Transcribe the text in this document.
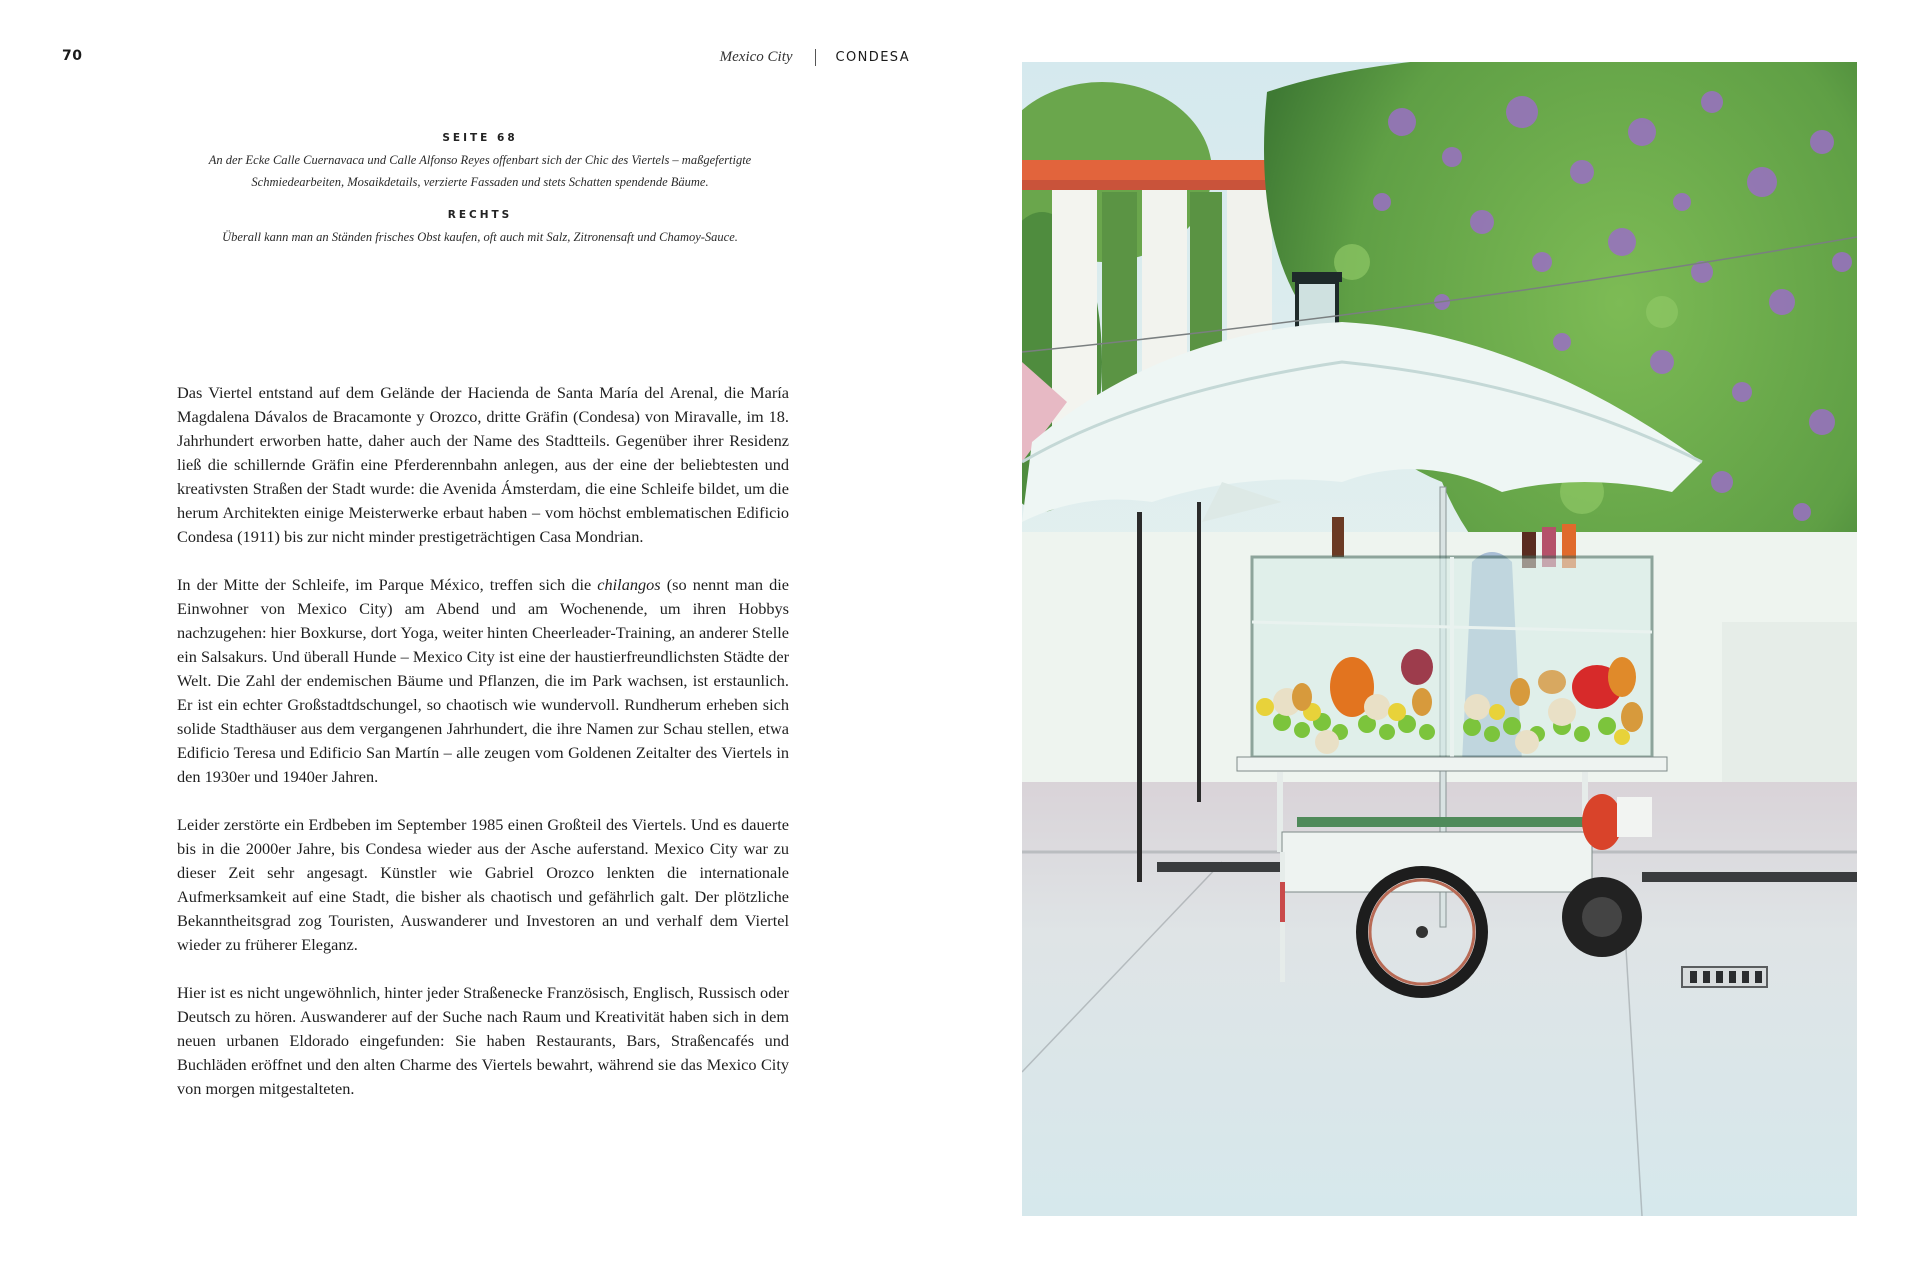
70	Mexico City	CONDESA
SEITE 68

An der Ecke Calle Cuernavaca und Calle Alfonso Reyes offenbart sich der Chic des Viertels – maßgefertigte Schmiedearbeiten, Mosaikdetails, verzierte Fassaden und stets Schatten spendende Bäume.

RECHTS

Überall kann man an Ständen frisches Obst kaufen, oft auch mit Salz, Zitronensaft und Chamoy-Sauce.

Das Viertel entstand auf dem Gelände der Hacienda de Santa María del Arenal, die María Magdalena Dávalos de Bracamonte y Orozco, dritte Gräfin (Condesa) von Miravalle, im 18. Jahrhundert erworben hatte, daher auch der Name des Stadtteils. Gegenüber ihrer Residenz ließ die schillernde Gräfin eine Pferderennbahn anlegen, aus der eine der beliebtesten und kreativsten Straßen der Stadt wurde: die Avenida Ámsterdam, die eine Schleife bildet, um die herum Architekten einige Meisterwerke erbaut haben – vom höchst emblematischen Edificio Condesa (1911) bis zur nicht minder prestigeträchtigen Casa Mondrian.

In der Mitte der Schleife, im Parque México, treffen sich die chilangos (so nennt man die Einwohner von Mexico City) am Abend und am Wochenende, um ihren Hobbys nachzugehen: hier Boxkurse, dort Yoga, weiter hinten Cheerleader-Training, an anderer Stelle ein Salsakurs. Und überall Hunde – Mexico City ist eine der haustierfreundlichsten Städte der Welt. Die Zahl der endemischen Bäume und Pflanzen, die im Park wachsen, ist erstaunlich. Er ist ein echter Großstadtdschungel, so chaotisch wie wundervoll. Rundherum erheben sich solide Stadthäuser aus dem vergangenen Jahrhundert, die ihre Namen zur Schau stellen, etwa Edificio Teresa und Edificio San Martín – alle zeugen vom Goldenen Zeitalter des Viertels in den 1930er und 1940er Jahren.

Leider zerstörte ein Erdbeben im September 1985 einen Großteil des Viertels. Und es dauerte bis in die 2000er Jahre, bis Condesa wieder aus der Asche auferstand. Mexico City war zu dieser Zeit sehr angesagt. Künstler wie Gabriel Orozco lenkten die internationale Aufmerksamkeit auf eine Stadt, die bisher als chaotisch und gefährlich galt. Der plötzliche Bekanntheitsgrad zog Touristen, Auswanderer und Investoren an und verhalf dem Viertel wieder zu früherer Eleganz.

Hier ist es nicht ungewöhnlich, hinter jeder Straßenecke Französisch, Englisch, Russisch oder Deutsch zu hören. Auswanderer auf der Suche nach Raum und Kreativität haben sich in dem neuen urbanen Eldorado eingefunden: Sie haben Restaurants, Bars, Straßencafés und Buchläden eröffnet und den alten Charme des Viertels bewahrt, während sie das Mexico City von morgen mitgestalteten.
